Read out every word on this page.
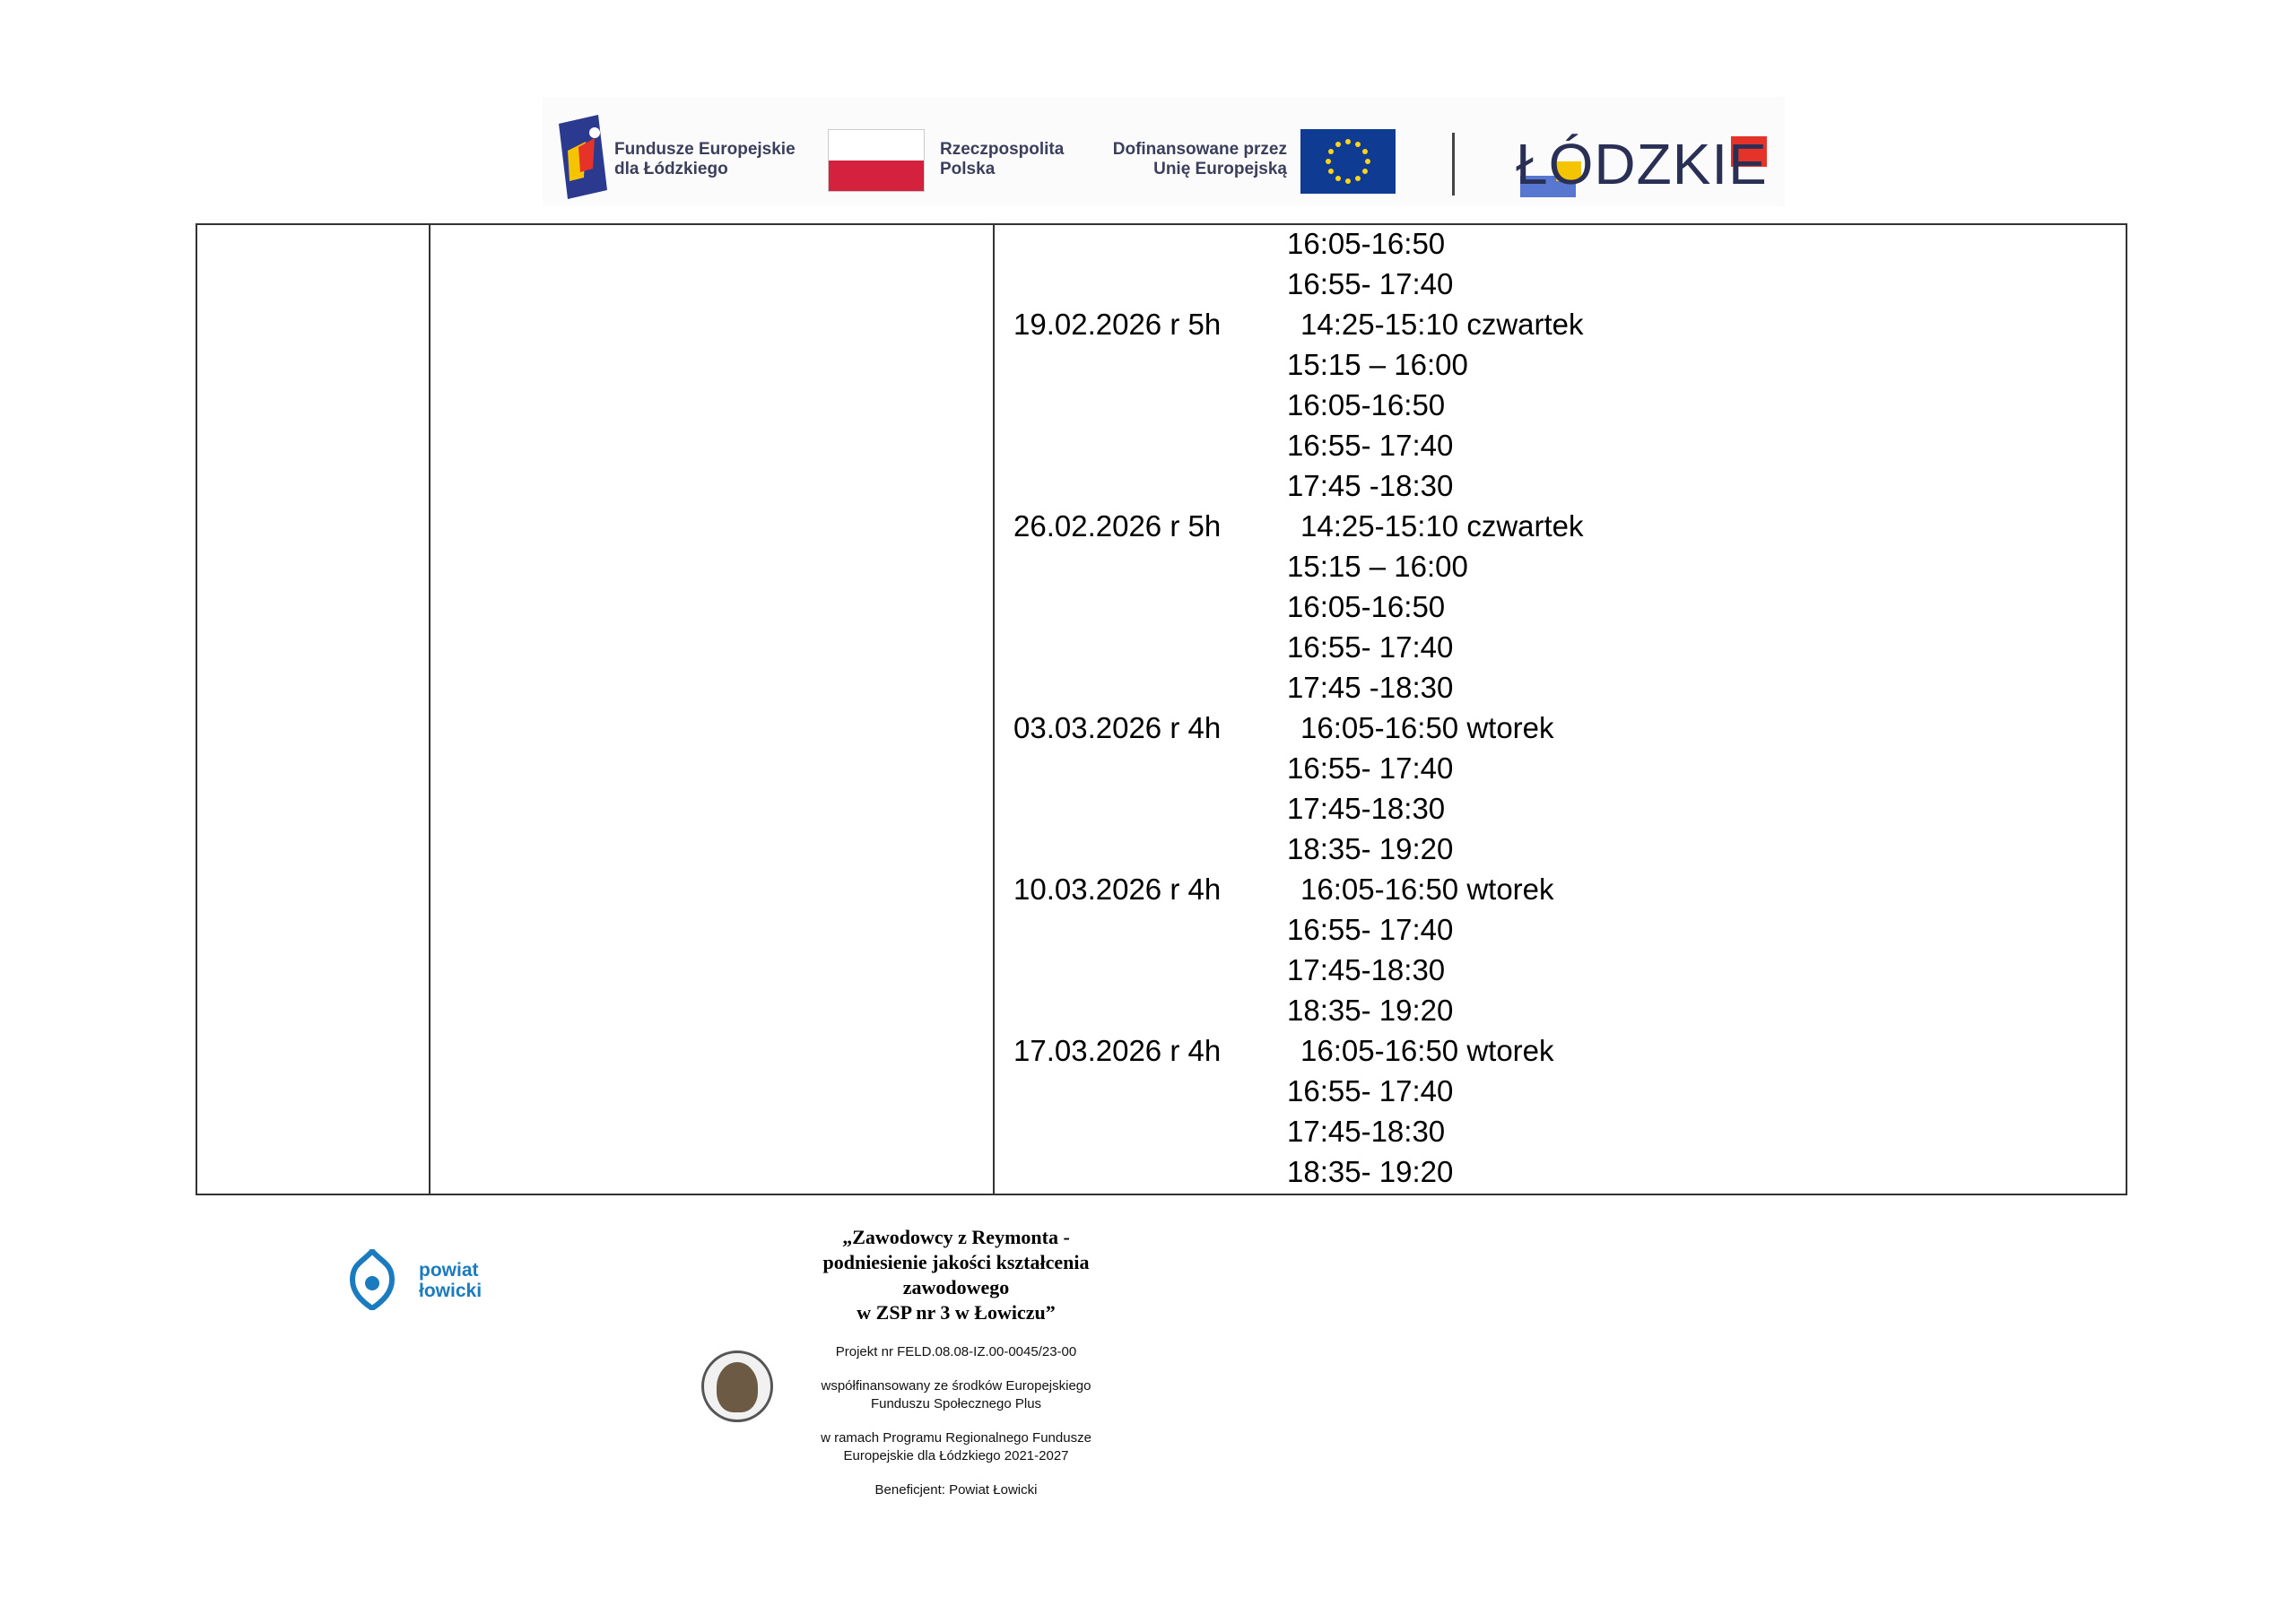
Fundusze Europejskie
dla Łódzkiego
Rzeczpospolita
Polska
Dofinansowane przez
Unię Europejską	ŁÓDZKIE
16:05-16:50
16:55- 17:40
19.02.2026 r 5h	14:25-15:10 czwartek
15:15 – 16:00
16:05-16:50
16:55- 17:40
17:45 -18:30
26.02.2026 r 5h	14:25-15:10 czwartek
15:15 – 16:00
16:05-16:50
16:55- 17:40
17:45 -18:30
03.03.2026 r 4h	16:05-16:50 wtorek
16:55- 17:40
17:45-18:30
18:35- 19:20
10.03.2026 r 4h	16:05-16:50 wtorek
16:55- 17:40
17:45-18:30
18:35- 19:20
17.03.2026 r 4h	16:05-16:50 wtorek
16:55- 17:40
17:45-18:30
18:35- 19:20
powiat
łowicki
„Zawodowcy z Reymonta -
podniesienie jakości kształcenia
zawodowego
w ZSP nr 3 w Łowiczu”
Projekt nr FELD.08.08-IZ.00-0045/23-00
współfinansowany ze środków Europejskiego
Funduszu Społecznego Plus
w ramach Programu Regionalnego Fundusze
Europejskie dla Łódzkiego 2021-2027
Beneficjent: Powiat Łowicki
